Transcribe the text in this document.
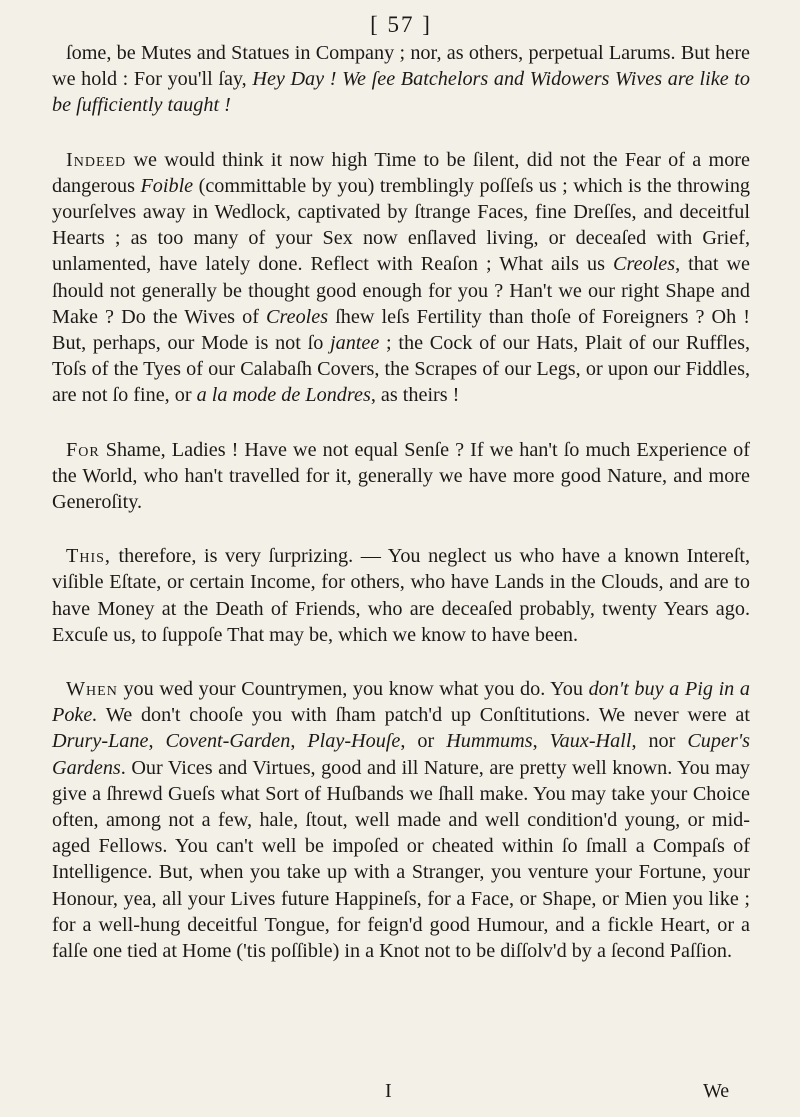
[ 57 ]

ſome, be Mutes and Statues in Company ; nor, as others, perpetual Larums. But here we hold : For you'll ſay, Hey Day ! We ſee Batchelors and Widowers Wives are like to be ſufficiently taught !

Indeed we would think it now high Time to be ſilent, did not the Fear of a more dangerous Foible (committable by you) tremblingly poſſeſs us ; which is the throwing yourſelves away in Wedlock, captivated by ſtrange Faces, fine Dreſſes, and deceitful Hearts ; as too many of your Sex now enſlaved living, or deceaſed with Grief, unlamented, have lately done. Reflect with Reaſon ; What ails us Creoles, that we ſhould not generally be thought good enough for you ? Han't we our right Shape and Make ? Do the Wives of Creoles ſhew leſs Fertility than thoſe of Foreigners ? Oh ! But, perhaps, our Mode is not ſo jantee ; the Cock of our Hats, Plait of our Ruffles, Toſs of the Tyes of our Calabaſh Covers, the Scrapes of our Legs, or upon our Fiddles, are not ſo fine, or a la mode de Londres, as theirs !

For Shame, Ladies ! Have we not equal Senſe ? If we han't ſo much Experience of the World, who han't travelled for it, generally we have more good Nature, and more Generoſity.

This, therefore, is very ſurprizing. — You neglect us who have a known Intereſt, viſible Eſtate, or certain Income, for others, who have Lands in the Clouds, and are to have Money at the Death of Friends, who are deceaſed probably, twenty Years ago. Excuſe us, to ſuppoſe That may be, which we know to have been.

When you wed your Countrymen, you know what you do. You don't buy a Pig in a Poke. We don't chooſe you with ſham patch'd up Conſtitutions. We never were at Drury-Lane, Covent-Garden, Play-Houſe, or Hummums, Vaux-Hall, nor Cuper's Gardens. Our Vices and Virtues, good and ill Nature, are pretty well known. You may give a ſhrewd Gueſs what Sort of Huſbands we ſhall make. You may take your Choice often, among not a few, hale, ſtout, well made and well condition'd young, or mid-aged Fellows. You can't well be impoſed or cheated within ſo ſmall a Compaſs of Intelligence. But, when you take up with a Stranger, you venture your Fortune, your Honour, yea, all your Lives future Happineſs, for a Face, or Shape, or Mien you like ; for a well-hung deceitful Tongue, for feign'd good Humour, and a fickle Heart, or a falſe one tied at Home ('tis poſſible) in a Knot not to be diſſolv'd by a ſecond Paſſion.

I	We
